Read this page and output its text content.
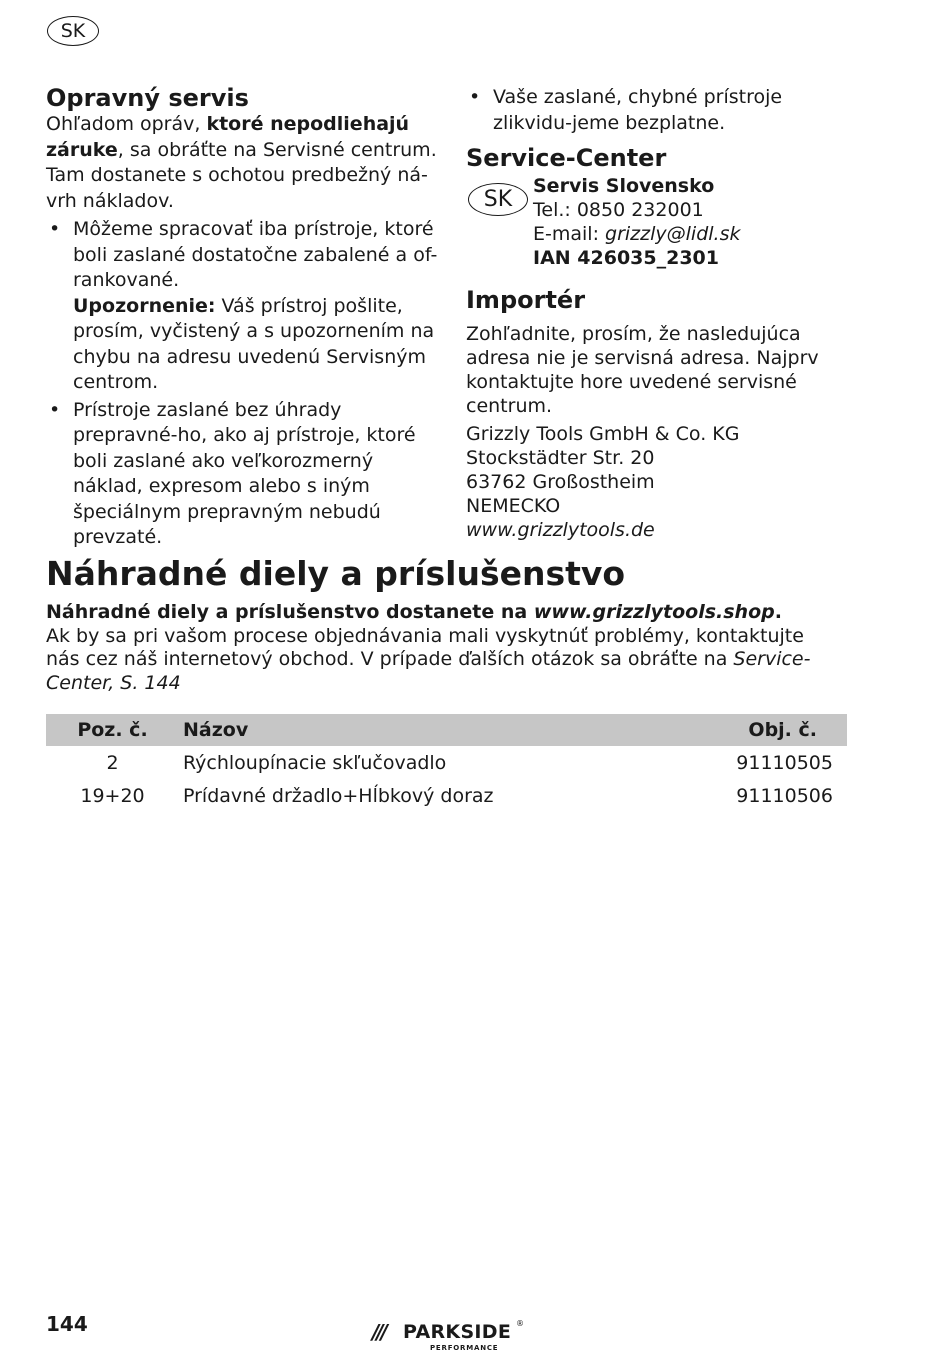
SK
Opravný servis

Ohľadom opráv, ktoré nepodliehajú záruke, sa obráťte na Servisné centrum. Tam dostanete s ochotou predbežný ná-vrh nákladov.

• Môžeme spracovať iba prístroje, ktoré boli zaslané dostatočne zabalené a of-rankované.
Upozornenie: Váš prístroj pošlite, prosím, vyčistený a s upozornením na chybu na adresu uvedenú Servisným centrom.
• Prístroje zaslané bez úhrady prepravné-ho, ako aj prístroje, ktoré boli zaslané ako veľkorozmerný náklad, expresom alebo s iným špeciálnym prepravným nebudú prevzaté.
• Vaše zaslané, chybné prístroje zlikvidu-jeme bezplatne.
Service-Center
SK
Servis Slovensko
Tel.: 0850 232001
E-mail: grizzly@lidl.sk
IAN 426035_2301
Importér

Zohľadnite, prosím, že nasledujúca adresa nie je servisná adresa. Najprv kontaktujte hore uvedené servisné centrum.

Grizzly Tools GmbH & Co. KG
Stockstädter Str. 20
63762 Großostheim
NEMECKO
www.grizzlytools.de
Náhradné diely a príslušenstvo

Náhradné diely a príslušenstvo dostanete na www.grizzlytools.shop.
Ak by sa pri vašom procese objednávania mali vyskytnúť problémy, kontaktujte nás cez náš internetový obchod. V prípade ďalších otázok sa obráťte na Service-Center, S. 144

Poz. č.	Názov	Obj. č.
2	Rýchloupínacie skľučovadlo	91110505
19+20	Prídavné držadlo+Hĺbkový doraz	91110506
144	/// PARKSIDE ®
PERFORMANCE
